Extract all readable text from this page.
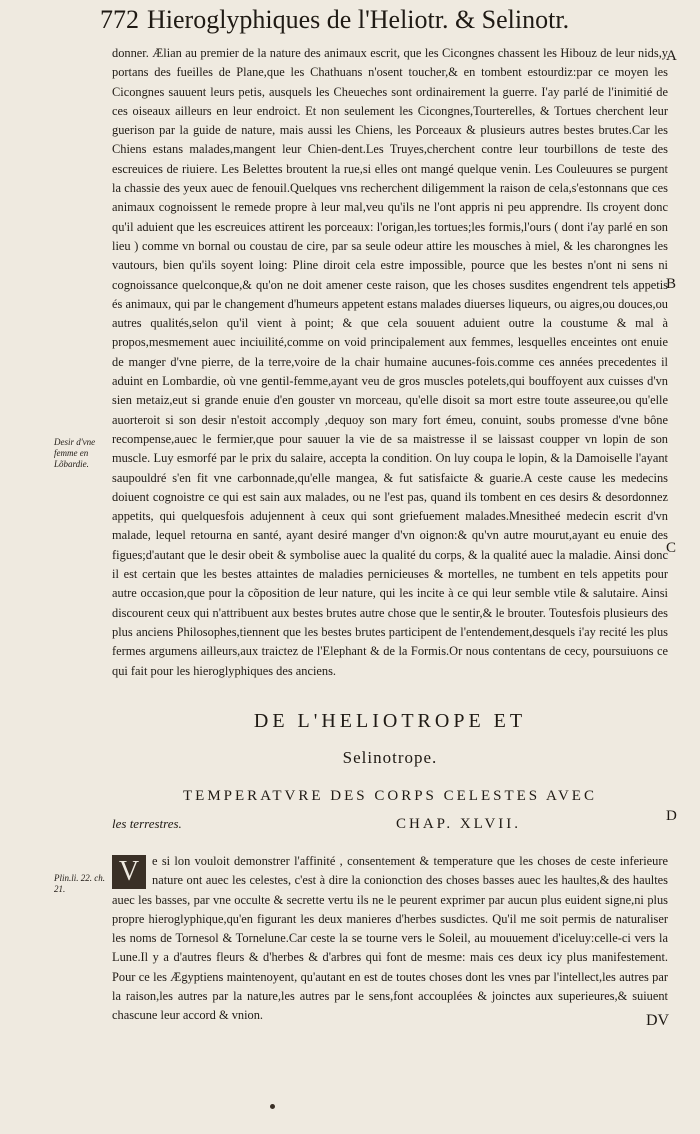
772 Hieroglyphiques de l'Heliotr. & Selinotr.
A
B
C
D
Desir d'vne femme en Lõbardie.
Plin.li. 22. ch. 21.

donner. Ælian au premier de la nature des animaux escrit, que les Cicongnes chassent les Hibouz de leur nids,y portans des fueilles de Plane,que les Chathuans n'osent toucher,& en tombent estourdiz:par ce moyen les Cicongnes sauuent leurs petis, ausquels les Cheueches sont ordinairement la guerre. I'ay parlé de l'inimitié de ces oiseaux ailleurs en leur endroict. Et non seulement les Cicongnes,Tourterelles, & Tortues cherchent leur guerison par la guide de nature, mais aussi les Chiens, les Porceaux & plusieurs autres bestes brutes.Car les Chiens estans malades,mangent leur Chien-dent.Les Truyes,cherchent contre leur tourbillons de teste des escreuices de riuiere. Les Belettes broutent la rue,si elles ont mangé quelque venin. Les Couleuures se purgent la chassie des yeux auec de fenouil.Quelques vns recherchent diligemment la raison de cela,s'estonnans que ces animaux cognoissent le remede propre à leur mal,veu qu'ils ne l'ont appris ni peu apprendre. Ils croyent donc qu'il aduient que les escreuices attirent les porceaux: l'origan,les tortues;les formis,l'ours ( dont i'ay parlé en son lieu ) comme vn bornal ou coustau de cire, par sa seule odeur attire les mousches à miel, & les charongnes les vautours, bien qu'ils soyent loing: Pline diroit cela estre impossible, pource que les bestes n'ont ni sens ni cognoissance quelconque,& qu'on ne doit amener ceste raison, que les choses susdites engendrent tels appetis és animaux, qui par le changement d'humeurs appetent estans malades diuerses liqueurs, ou aigres,ou douces,ou autres qualités,selon qu'il vient à point; & que cela souuent aduient outre la coustume & mal à propos,mesmement auec inciuilité,comme on void principalement aux femmes, lesquelles enceintes ont enuie de manger d'vne pierre, de la terre,voire de la chair humaine aucunes-fois.comme ces années precedentes il aduint en Lombardie, où vne gentil-femme,ayant veu de gros muscles potelets,qui bouffoyent aux cuisses d'vn sien metaiz,eut si grande enuie d'en gouster vn morceau, qu'elle disoit sa mort estre toute asseuree,ou qu'elle auorteroit si son desir n'estoit accomply ,dequoy son mary fort émeu, conuint, soubs promesse d'vne bône recompense,auec le fermier,que pour sauuer la vie de sa maistresse il se laissast coupper vn lopin de son muscle. Luy esmorfé par le prix du salaire, accepta la condition. On luy coupa le lopin, & la Damoiselle l'ayant saupouldré s'en fit vne carbonnade,qu'elle mangea, & fut satisfaicte & guarie.A ceste cause les medecins doiuent cognoistre ce qui est sain aux malades, ou ne l'est pas, quand ils tombent en ces desirs & desordonnez appetits, qui quelquesfois adujennent à ceux qui sont griefuement malades.Mnesitheé medecin escrit d'vn malade, lequel retourna en santé, ayant desiré manger d'vn oignon:& qu'vn autre mourut,ayant eu enuie des figues;d'autant que le desir obeit & symbolise auec la qualité du corps, & la qualité auec la maladie. Ainsi donc il est certain que les bestes attaintes de maladies pernicieuses & mortelles, ne tumbent en tels appetits pour autre occasion,que pour la cõposition de leur nature, qui les incite à ce qui leur semble vtile & salutaire. Ainsi discourent ceux qui n'attribuent aux bestes brutes autre chose que le sentir,& le brouter. Toutesfois plusieurs des plus anciens Philosophes,tiennent que les bestes brutes participent de l'entendement,desquels i'ay recité les plus fermes argumens ailleurs,aux traictez de l'Elephant & de la Formis.Or nous contentans de cecy, poursuiuons ce qui fait pour les hieroglyphiques des anciens.

DE L'HELIOTROPE ET
Selinotrope.
TEMPERATVRE DES CORPS CELESTES AVEC
les terrestres.	CHAP. XLVII.
V	e si lon vouloit demonstrer l'affinité , consentement & temperature que les choses de ceste inferieure nature ont auec les celestes, c'est à dire la conionction des choses basses auec les haultes,& des haultes auec les basses, par vne occulte & secrette vertu ils ne le peurent exprimer par aucun plus euident signe,ni plus propre hieroglyphique,qu'en figurant les deux manieres d'herbes susdictes. Qu'il me soit permis de naturaliser les noms de Tornesol & Tornelune.Car ceste la se tourne vers le Soleil, au mouuement d'iceluy:celle-ci vers la Lune.Il y a d'autres fleurs & d'herbes & d'arbres qui font de mesme: mais ces deux icy plus manifestement. Pour ce les Ægyptiens maintenoyent, qu'autant en est de toutes choses dont les vnes par l'intellect,les autres par la raison,les autres par la nature,les autres par le sens,font accouplées & joinctes aux superieures,& suiuent chascune leur accord & vnion.	DV
